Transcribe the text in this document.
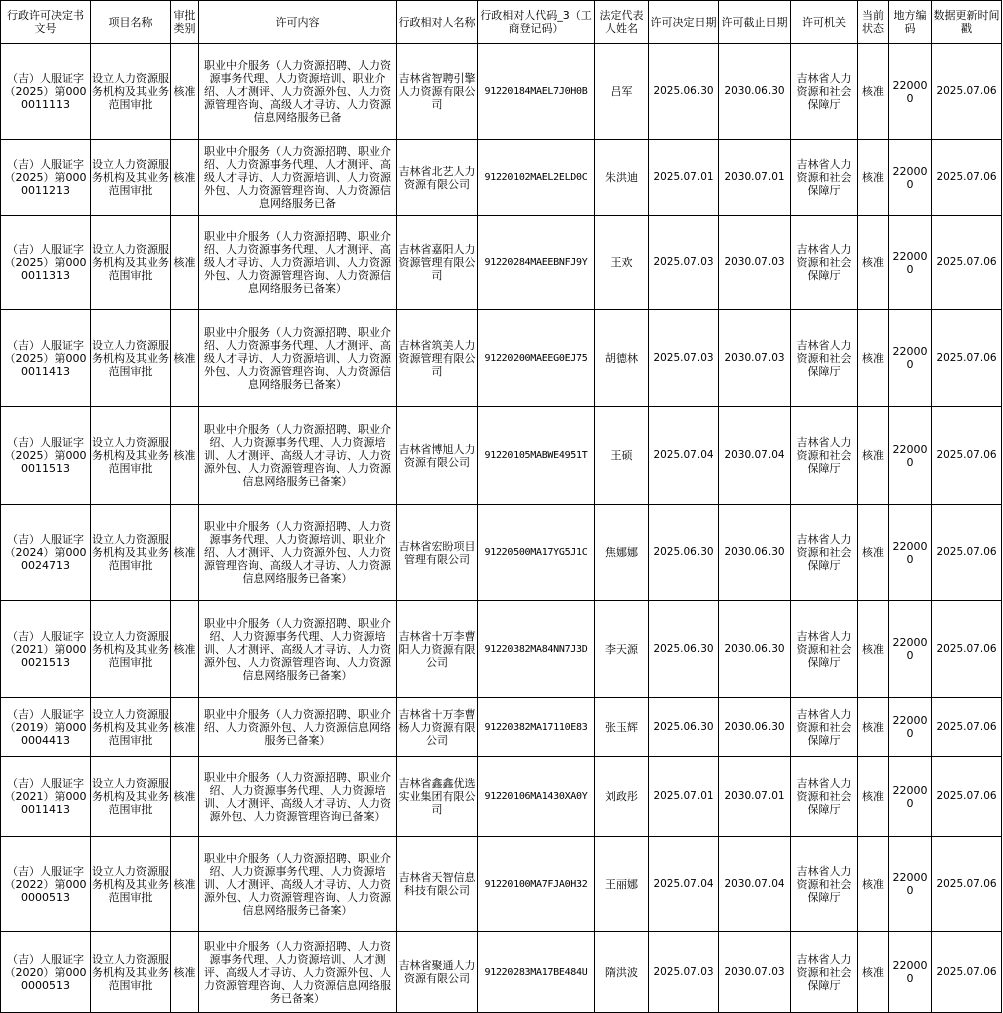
行政许可决定书文号	项目名称	审批类别	许可内容	行政相对人名称	行政相对人代码_3（工商登记码）	法定代表人姓名	许可决定日期	许可截止日期	许可机关	当前状态	地方编码	数据更新时间戳
（吉）人服证字（2025）第0000011113	设立人力资源服务机构及其业务范围审批	核准	职业中介服务（人力资源招聘、人力资源事务代理、人力资源培训、职业介绍、人才测评、人力资源外包、人力资源管理咨询、高级人才寻访、人力资源信息网络服务已备	吉林省智聘引擎人力资源有限公司	91220184MAEL7J0H0B	吕军	2025.06.30	2030.06.30	吉林省人力资源和社会保障厅	核准	220000	2025.07.06
（吉）人服证字（2025）第0000011213	设立人力资源服务机构及其业务范围审批	核准	职业中介服务（人力资源招聘、职业介绍、人力资源事务代理、人才测评、高级人才寻访、人力资源培训、人力资源外包、人力资源管理咨询、人力资源信息网络服务已备	吉林省北艺人力资源有限公司	91220102MAEL2ELD0C	朱洪迪	2025.07.01	2030.07.01	吉林省人力资源和社会保障厅	核准	220000	2025.07.06
（吉）人服证字（2025）第0000011313	设立人力资源服务机构及其业务范围审批	核准	职业中介服务（人力资源招聘、职业介绍、人力资源事务代理、人才测评、高级人才寻访、人力资源培训、人力资源外包、人力资源管理咨询、人力资源信息网络服务已备案）	吉林省嘉阳人力资源管理有限公司	91220284MAEEBNFJ9Y	王欢	2025.07.03	2030.07.03	吉林省人力资源和社会保障厅	核准	220000	2025.07.06
（吉）人服证字（2025）第0000011413	设立人力资源服务机构及其业务范围审批	核准	职业中介服务（人力资源招聘、职业介绍、人力资源事务代理、人才测评、高级人才寻访、人力资源培训、人力资源外包、人力资源管理咨询、人力资源信息网络服务已备案）	吉林省筑美人力资源管理有限公司	91220200MAEEG0EJ75	胡德林	2025.07.03	2030.07.03	吉林省人力资源和社会保障厅	核准	220000	2025.07.06
（吉）人服证字（2025）第0000011513	设立人力资源服务机构及其业务范围审批	核准	职业中介服务（人力资源招聘、职业介绍、人力资源事务代理、人力资源培训、人才测评、高级人才寻访、人力资源外包、人力资源管理咨询、人力资源信息网络服务已备案）	吉林省博旭人力资源有限公司	91220105MABWE4951T	王硕	2025.07.04	2030.07.04	吉林省人力资源和社会保障厅	核准	220000	2025.07.06
（吉）人服证字（2024）第0000024713	设立人力资源服务机构及其业务范围审批	核准	职业中介服务（人力资源招聘、人力资源事务代理、人力资源培训、职业介绍、人才测评、人力资源外包、人力资源管理咨询、高级人才寻访、人力资源信息网络服务已备案）	吉林省宏盼项目管理有限公司	91220500MA17YG5J1C	焦娜娜	2025.06.30	2030.06.30	吉林省人力资源和社会保障厅	核准	220000	2025.07.06
（吉）人服证字（2021）第0000021513	设立人力资源服务机构及其业务范围审批	核准	职业中介服务（人力资源招聘、职业介绍、人力资源事务代理、人力资源培训、人才测评、高级人才寻访、人力资源外包、人力资源管理咨询、人力资源信息网络服务已备案）	吉林省十万李曹阳人力资源有限公司	91220382MA84NN7J3D	李天源	2025.06.30	2030.06.30	吉林省人力资源和社会保障厅	核准	220000	2025.07.06
（吉）人服证字（2019）第0000004413	设立人力资源服务机构及其业务范围审批	核准	职业中介服务（人力资源招聘、职业介绍、人力资源外包、人力资源信息网络服务已备案）	吉林省十万李曹杨人力资源有限公司	91220382MA17110E83	张玉辉	2025.06.30	2030.06.30	吉林省人力资源和社会保障厅	核准	220000	2025.07.06
（吉）人服证字（2021）第0000011413	设立人力资源服务机构及其业务范围审批	核准	职业中介服务（人力资源招聘、职业介绍、人力资源事务代理、人力资源培训、人才测评、高级人才寻访、人力资源外包、人力资源管理咨询已备案）	吉林省鑫鑫优选实业集团有限公司	91220106MA1430XA0Y	刘政彤	2025.07.01	2030.07.01	吉林省人力资源和社会保障厅	核准	220000	2025.07.06
（吉）人服证字（2022）第0000000513	设立人力资源服务机构及其业务范围审批	核准	职业中介服务（人力资源招聘、职业介绍、人力资源事务代理、人力资源培训、人才测评、高级人才寻访、人力资源外包、人力资源管理咨询、人力资源信息网络服务已备案）	吉林省天智信息科技有限公司	91220100MA7FJA0H32	王丽娜	2025.07.04	2030.07.04	吉林省人力资源和社会保障厅	核准	220000	2025.07.06
（吉）人服证字（2020）第0000000513	设立人力资源服务机构及其业务范围审批	核准	职业中介服务（人力资源招聘、人力资源事务代理、人力资源培训、人才测评、高级人才寻访、人力资源外包、人力资源管理咨询、人力资源信息网络服务已备案）	吉林省聚通人力资源有限公司	91220283MA17BE484U	隋洪波	2025.07.03	2030.07.03	吉林省人力资源和社会保障厅	核准	220000	2025.07.06
